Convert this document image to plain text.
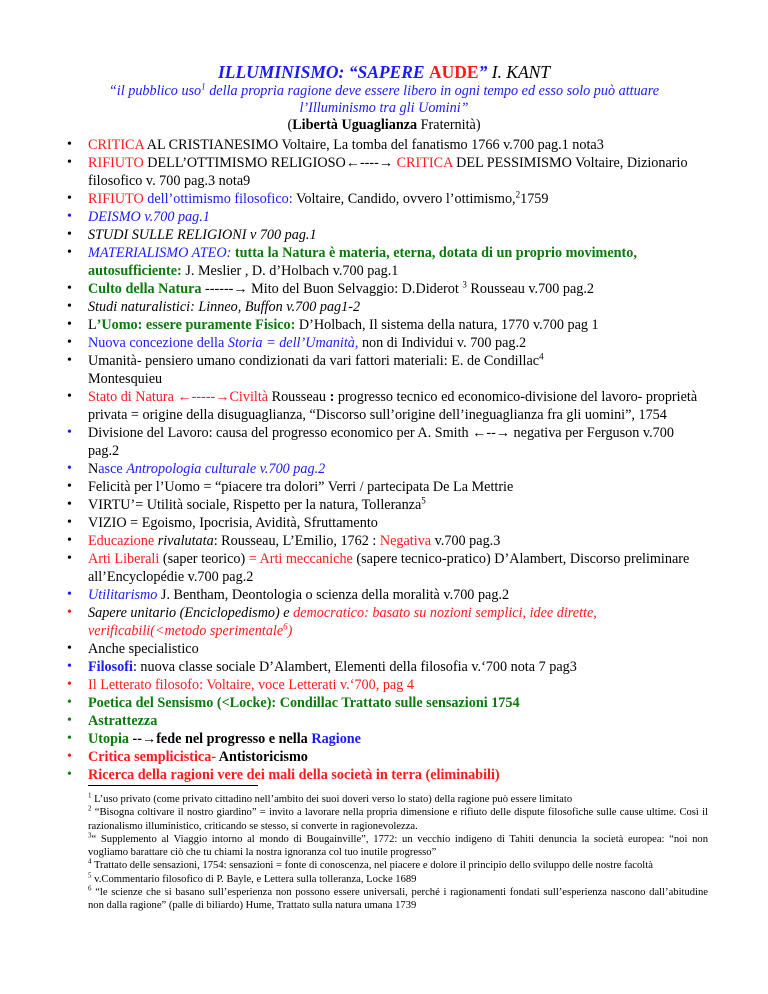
ILLUMINISMO: “SAPERE AUDE” I. KANT
“il pubblico uso$^1$ della propria ragione deve essere libero in ogni tempo ed esso solo può attuare
l’Illuminismo tra gli Uomini”
(Libertà Uguaglianza Fraternità)
• CRITICA AL CRISTIANESIMO Voltaire, La tomba del fanatismo 1766 v.700 pag.1 nota3
• RIFIUTO DELL’OTTIMISMO RELIGIOSO←----→ CRITICA DEL PESSIMISMO Voltaire, Dizionario filosofico v. 700 pag.3 nota9
• RIFIUTO dell’ottimismo filosofico: Voltaire, Candido, ovvero l’ottimismo,$^2$1759
• DEISMO v.700 pag.1
• STUDI SULLE RELIGIONI v 700 pag.1
• MATERIALISMO ATEO: tutta la Natura è materia, eterna, dotata di un proprio movimento, autosufficiente: J. Meslier , D. d’Holbach v.700 pag.1
• Culto della Natura ------→ Mito del Buon Selvaggio: D.Diderot $^3$ Rousseau v.700 pag.2
• Studi naturalistici: Linneo, Buffon v.700 pag1-2
• L’Uomo: essere puramente Fisico: D’Holbach, Il sistema della natura, 1770 v.700 pag 1
• Nuova concezione della Storia = dell’Umanità, non di Individui v. 700 pag.2
• Umanità- pensiero umano condizionati da vari fattori materiali: E. de Condillac$^4$
Montesquieu
• Stato di Natura ←-----→Civiltà Rousseau : progresso tecnico ed economico-divisione del lavoro- proprietà privata = origine della disuguaglianza, “Discorso sull’origine dell’ineguaglianza fra gli uomini”, 1754
• Divisione del Lavoro: causa del progresso economico per A. Smith ←--→ negativa per Ferguson v.700 pag.2
• Nasce Antropologia culturale v.700 pag.2
• Felicità per l’Uomo = “piacere tra dolori” Verri / partecipata De La Mettrie
• VIRTU’= Utilità sociale, Rispetto per la natura, Tolleranza$^5$
• VIZIO = Egoismo, Ipocrisia, Avidità, Sfruttamento
• Educazione rivalutata: Rousseau, L’Emilio, 1762 : Negativa v.700 pag.3
• Arti Liberali (saper teorico) = Arti meccaniche (sapere tecnico-pratico) D’Alambert, Discorso preliminare all’Encyclopédie v.700 pag.2
• Utilitarismo J. Bentham, Deontologia o scienza della moralità v.700 pag.2
• Sapere unitario (Enciclopedismo) e democratico: basato su nozioni semplici, idee dirette, verificabili(<metodo sperimentale$^6$)
• Anche specialistico
• Filosofi: nuova classe sociale D’Alambert, Elementi della filosofia v.‘700 nota 7 pag3
• Il Letterato filosofo: Voltaire, voce Letterati v.‘700, pag 4
• Poetica del Sensismo (<Locke): Condillac Trattato sulle sensazioni 1754
• Astrattezza
• Utopia --→fede nel progresso e nella Ragione
• Critica semplicistica- Antistoricismo
• Ricerca della ragioni vere dei mali della società in terra (eliminabili)

$^1$ L’uso privato (come privato cittadino nell’ambito dei suoi doveri verso lo stato) della ragione può essere limitato

$^2$ “Bisogna coltivare il nostro giardino” = invito a lavorare nella propria dimensione e rifiuto delle dispute filosofiche sulle cause ultime. Così il razionalismo illuministico, criticando se stesso, si converte in ragionevolezza.

$^3$“ Supplemento al Viaggio intorno al mondo di Bougainville”, 1772: un vecchio indigeno di Tahiti denuncia la società europea: “noi non vogliamo barattare ciò che tu chiami la nostra ignoranza col tuo inutile progresso”

$^4$ Trattato delle sensazioni, 1754: sensazioni = fonte di conoscenza, nel piacere e dolore il principio dello sviluppo delle nostre facoltà

$^5$ v.Commentario filosofico di P. Bayle, e Lettera sulla tolleranza, Locke 1689

$^6$ “le scienze che si basano sull’esperienza non possono essere universali, perché i ragionamenti fondati sull’esperienza nascono dall’abitudine non dalla ragione” (palle di biliardo) Hume, Trattato sulla natura umana 1739
